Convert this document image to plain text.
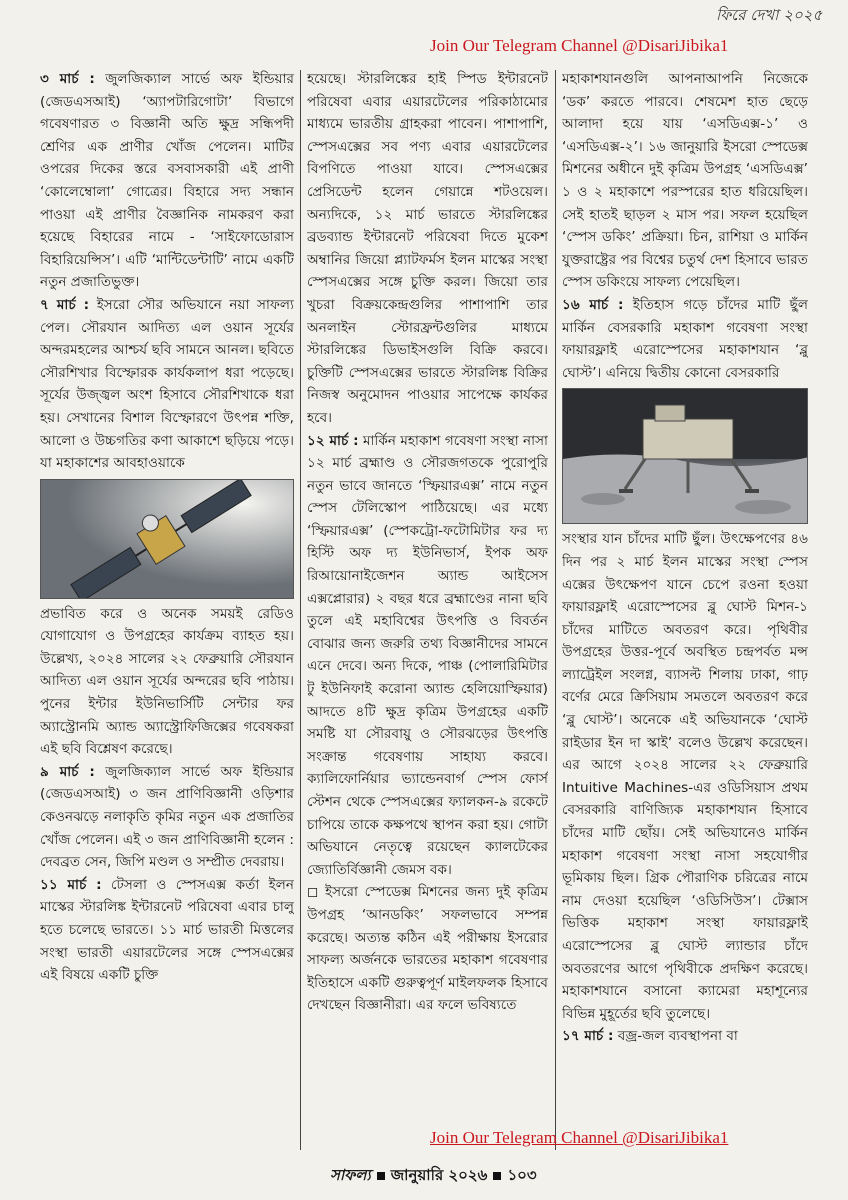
ফিরে দেখা ২০২৫
Join Our Telegram Channel @DisariJibika1

৩ মার্চ : জুলজিক্যাল সার্ভে অফ ইন্ডিয়ার (জেডএসআই) ‘অ্যাপটারিগোটা’ বিভাগে গবেষণারত ৩ বিজ্ঞানী অতি ক্ষুদ্র সন্ধিপদী শ্রেণির এক প্রাণীর খোঁজ পেলেন। মাটির ওপরের দিকের স্তরে বসবাসকারী এই প্রাণী ‘কোলেম্বোলা’ গোত্রের। বিহারে সদ্য সন্ধান পাওয়া এই প্রাণীর বৈজ্ঞানিক নামকরণ করা হয়েছে বিহারের নামে - ‘সাইফোডোরাস বিহারিয়েন্সিস’। এটি ‘মান্টিডেন্টাটি’ নামে একটি নতুন প্রজাতিভুক্ত।

৭ মার্চ : ইসরো সৌর অভিযানে নয়া সাফল্য পেল। সৌরযান আদিত্য এল ওয়ান সূর্যের অন্দরমহলের আশ্চর্য ছবি সামনে আনল। ছবিতে সৌরশিখার বিস্ফোরক কার্যকলাপ ধরা পড়েছে। সূর্যের উজ্জ্বল অংশ হিসাবে সৌরশিখাকে ধরা হয়। সেখানের বিশাল বিস্ফোরণে উৎপন্ন শক্তি, আলো ও উচ্চগতির কণা আকাশে ছড়িয়ে পড়ে। যা মহাকাশের আবহাওয়াকে

প্রভাবিত করে ও অনেক সময়ই রেডিও যোগাযোগ ও উপগ্রহের কার্যক্রম ব্যাহত হয়। উল্লেখ্য, ২০২৪ সালের ২২ ফেব্রুয়ারি সৌরযান আদিত্য এল ওয়ান সূর্যের অন্দরের ছবি পাঠায়। পুনের ইন্টার ইউনিভার্সিটি সেন্টার ফর অ্যাস্ট্রোনমি অ্যান্ড অ্যাস্ট্রোফিজিক্সের গবেষকরা এই ছবি বিশ্লেষণ করেছে।

৯ মার্চ : জুলজিক্যাল সার্ভে অফ ইন্ডিয়ার (জেডএসআই) ৩ জন প্রাণিবিজ্ঞানী ওড়িশার কেওনঝড়ে নলাকৃতি কৃমির নতুন এক প্রজাতির খোঁজ পেলেন। এই ৩ জন প্রাণিবিজ্ঞানী হলেন : দেবব্রত সেন, জিপি মণ্ডল ও সম্প্রীত দেবরায়।

১১ মার্চ : টেসলা ও স্পেসএক্স কর্তা ইলন মাস্কের স্টারলিঙ্ক ইন্টারনেট পরিষেবা এবার চালু হতে চলেছে ভারতে। ১১ মার্চ ভারতী মিত্তলের সংস্থা ভারতী এয়ারটেলের সঙ্গে স্পেসএক্সের এই বিষয়ে একটি চুক্তি

হয়েছে। স্টারলিঙ্কের হাই স্পিড ইন্টারনেট পরিষেবা এবার এয়ারটেলের পরিকাঠামোর মাধ্যমে ভারতীয় গ্রাহকরা পাবেন। পাশাপাশি, স্পেসএক্সের সব পণ্য এবার এয়ারটেলের বিপণিতে পাওয়া যাবে। স্পেসএক্সের প্রেসিডেন্ট হলেন গেয়ান্নে শটওয়েল। অন্যদিকে, ১২ মার্চ ভারতে স্টারলিঙ্কের ব্রডব্যান্ড ইন্টারনেট পরিষেবা দিতে মুকেশ অম্বানির জিয়ো প্ল্যাটফর্মস ইলন মাস্কের সংস্থা স্পেসএক্সের সঙ্গে চুক্তি করল। জিয়ো তার খুচরা বিক্রয়কেন্দ্রগুলির পাশাপাশি তার অনলাইন স্টোরফ্রন্টগুলির মাধ্যমে স্টারলিঙ্কের ডিভাইসগুলি বিক্রি করবে। চুক্তিটি স্পেসএক্সের ভারতে স্টারলিঙ্ক বিক্রির নিজস্ব অনুমোদন পাওয়ার সাপেক্ষে কার্যকর হবে।

১২ মার্চ : মার্কিন মহাকাশ গবেষণা সংস্থা নাসা ১২ মার্চ ব্রহ্মাণ্ড ও সৌরজগতকে পুরোপুরি নতুন ভাবে জানতে ‘স্ফিয়ারএক্স’ নামে নতুন স্পেস টেলিস্কোপ পাঠিয়েছে। এর মধ্যে ‘স্ফিয়ারএক্স’ (স্পেকট্রো-ফটোমিটার ফর দ্য হিস্টি অফ দ্য ইউনিভার্স, ইপক অফ রিআয়োনাইজেশন অ্যান্ড আইসেস এক্সপ্লোরার) ২ বছর ধরে ব্রহ্মাণ্ডের নানা ছবি তুলে এই মহাবিশ্বের উৎপত্তি ও বিবর্তন বোঝার জন্য জরুরি তথ্য বিজ্ঞানীদের সামনে এনে দেবে। অন্য দিকে, পাঞ্চ (পোলারিমিটার টু ইউনিফাই করোনা অ্যান্ড হেলিয়োস্ফিয়ার) আদতে ৪টি ক্ষুদ্র কৃত্রিম উপগ্রহের একটি সমষ্টি যা সৌরবায়ু ও সৌরঝড়ের উৎপত্তি সংক্রান্ত গবেষণায় সাহায্য করবে। ক্যালিফোর্নিয়ার ভ্যান্ডেনবার্গ স্পেস ফোর্স স্টেশন থেকে স্পেসএক্সের ফ্যালকন-৯ রকেটে চাপিয়ে তাকে কক্ষপথে স্থাপন করা হয়। গোটা অভিযানে নেতৃত্বে রয়েছেন ক্যালটেকের জ্যোতির্বিজ্ঞানী জেমস বক।

◻ ইসরো স্পেডেক্স মিশনের জন্য দুই কৃত্রিম উপগ্রহ ‘আনডকিং’ সফলভাবে সম্পন্ন করেছে। অত্যন্ত কঠিন এই পরীক্ষায় ইসরোর সাফল্য অর্জনকে ভারতের মহাকাশ গবেষণার ইতিহাসে একটি গুরুত্বপূর্ণ মাইলফলক হিসাবে দেখছেন বিজ্ঞানীরা। এর ফলে ভবিষ্যতে

মহাকাশযানগুলি আপনাআপনি নিজেকে ‘ডক’ করতে পারবে। শেষমেশ হাত ছেড়ে আলাদা হয়ে যায় ‘এসডিএক্স-১’ ও ‘এসডিএক্স-২’। ১৬ জানুয়ারি ইসরো স্পেডেক্স মিশনের অধীনে দুই কৃত্রিম উপগ্রহ ‘এসডিএক্স’ ১ ও ২ মহাকাশে পরস্পরের হাত ধরিয়েছিল। সেই হাতই ছাড়ল ২ মাস পর। সফল হয়েছিল ‘স্পেস ডকিং’ প্রক্রিয়া। চিন, রাশিয়া ও মার্কিন যুক্তরাষ্ট্রের পর বিশ্বের চতুর্থ দেশ হিসাবে ভারত স্পেস ডকিংয়ে সাফল্য পেয়েছিল।

১৬ মার্চ : ইতিহাস গড়ে চাঁদের মাটি ছুঁল মার্কিন বেসরকারি মহাকাশ গবেষণা সংস্থা ফায়ারফ্লাই এরোস্পেসের মহাকাশযান ‘ব্লু ঘোস্ট’। এনিয়ে দ্বিতীয় কোনো বেসরকারি

সংস্থার যান চাঁদের মাটি ছুঁল। উৎক্ষেপণের ৪৬ দিন পর ২ মার্চ ইলন মাস্কের সংস্থা স্পেস এক্সের উৎক্ষেপণ যানে চেপে রওনা হওয়া ফায়ারফ্লাই এরোস্পেসের ব্লু ঘোস্ট মিশন-১ চাঁদের মাটিতে অবতরণ করে। পৃথিবীর উপগ্রহের উত্তর-পূর্বে অবস্থিত চন্দ্রপর্বত মন্স ল্যাট্রেইল সংলগ্ন, ব্যাসল্ট শিলায় ঢাকা, গাঢ় বর্ণের মেরে ক্রিসিয়াম সমতলে অবতরণ করে ‘ব্লু ঘোস্ট’। অনেকে এই অভিযানকে ‘ঘোস্ট রাইডার ইন দা স্কাই’ বলেও উল্লেখ করেছেন। এর আগে ২০২৪ সালের ২২ ফেব্রুয়ারি Intuitive Machines-এর ওডিসিয়াস প্রথম বেসরকারি বাণিজ্যিক মহাকাশযান হিসাবে চাঁদের মাটি ছোঁয়। সেই অভিযানেও মার্কিন মহাকাশ গবেষণা সংস্থা নাসা সহযোগীর ভূমিকায় ছিল। গ্রিক পৌরাণিক চরিত্রের নামে নাম দেওয়া হয়েছিল ‘ওডিসিউস’। টেক্সাস ভিত্তিক মহাকাশ সংস্থা ফায়ারফ্লাই এরোস্পেসের ব্লু ঘোস্ট ল্যান্ডার চাঁদে অবতরণের আগে পৃথিবীকে প্রদক্ষিণ করেছে। মহাকাশযানে বসানো ক্যামেরা মহাশূন্যের বিভিন্ন মুহূর্তের ছবি তুলেছে।

১৭ মার্চ : বজ্র-জল ব্যবস্থাপনা বা

Join Our Telegram Channel @DisariJibika1
সাফল্য জানুয়ারি ২০২৬ ১০৩
